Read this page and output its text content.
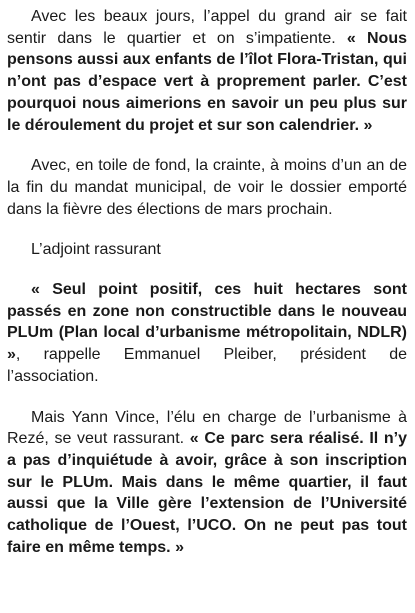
Avec les beaux jours, l’appel du grand air se fait sentir dans le quartier et on s’impatiente. « Nous pensons aussi aux enfants de l’îlot Flora-Tristan, qui n’ont pas d’espace vert à proprement parler. C’est pourquoi nous aimerions en savoir un peu plus sur le déroulement du projet et sur son calendrier. »

Avec, en toile de fond, la crainte, à moins d’un an de la fin du mandat municipal, de voir le dossier emporté dans la fièvre des élections de mars prochain.

L’adjoint rassurant

« Seul point positif, ces huit hectares sont passés en zone non constructible dans le nouveau PLUm (Plan local d’urbanisme métropolitain, NDLR) », rappelle Emmanuel Pleiber, président de l’association.

Mais Yann Vince, l’élu en charge de l’urbanisme à Rezé, se veut rassurant. « Ce parc sera réalisé. Il n’y a pas d’inquiétude à avoir, grâce à son inscription sur le PLUm. Mais dans le même quartier, il faut aussi que la Ville gère l’extension de l’Université catholique de l’Ouest, l’UCO. On ne peut pas tout faire en même temps. »
